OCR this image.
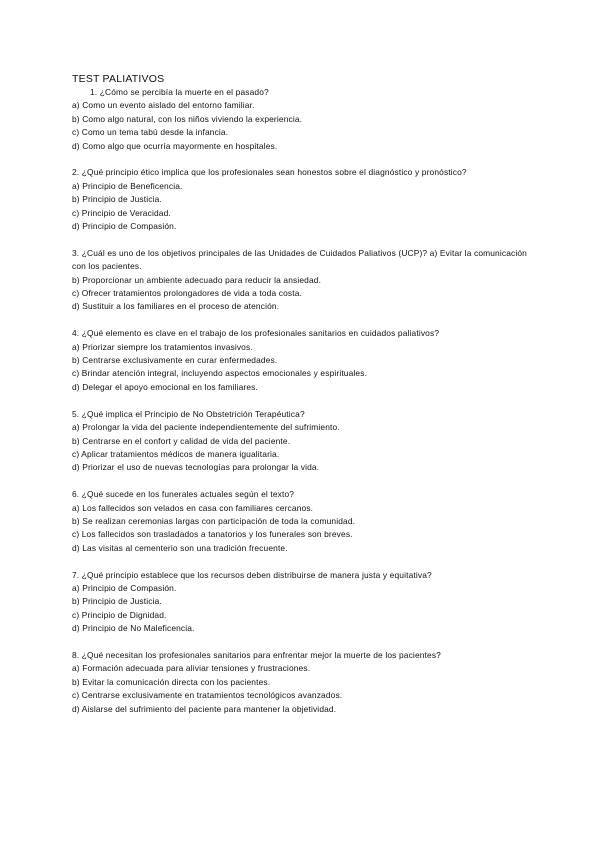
TEST PALIATIVOS
1. ¿Cómo se percibía la muerte en el pasado?
a) Como un evento aislado del entorno familiar.
b) Como algo natural, con los niños viviendo la experiencia.
c) Como un tema tabú desde la infancia.
d) Como algo que ocurría mayormente en hospitales.
2. ¿Qué principio ético implica que los profesionales sean honestos sobre el diagnóstico y pronóstico?
a) Principio de Beneficencia.
b) Principio de Justicia.
c) Principio de Veracidad.
d) Principio de Compasión.
3. ¿Cuál es uno de los objetivos principales de las Unidades de Cuidados Paliativos (UCP)? a) Evitar la comunicación con los pacientes.
b) Proporcionar un ambiente adecuado para reducir la ansiedad.
c) Ofrecer tratamientos prolongadores de vida a toda costa.
d) Sustituir a los familiares en el proceso de atención.
4. ¿Qué elemento es clave en el trabajo de los profesionales sanitarios en cuidados paliativos?
a) Priorizar siempre los tratamientos invasivos.
b) Centrarse exclusivamente en curar enfermedades.
c) Brindar atención integral, incluyendo aspectos emocionales y espirituales.
d) Delegar el apoyo emocional en los familiares.
5. ¿Qué implica el Principio de No Obstetrición Terapéutica?
a) Prolongar la vida del paciente independientemente del sufrimiento.
b) Centrarse en el confort y calidad de vida del paciente.
c) Aplicar tratamientos médicos de manera igualitaria.
d) Priorizar el uso de nuevas tecnologías para prolongar la vida.
6. ¿Qué sucede en los funerales actuales según el texto?
a) Los fallecidos son velados en casa con familiares cercanos.
b) Se realizan ceremonias largas con participación de toda la comunidad.
c) Los fallecidos son trasladados a tanatorios y los funerales son breves.
d) Las visitas al cementerio son una tradición frecuente.
7. ¿Qué principio establece que los recursos deben distribuirse de manera justa y equitativa?
a) Principio de Compasión.
b) Principio de Justicia.
c) Principio de Dignidad.
d) Principio de No Maleficencia.
8. ¿Qué necesitan los profesionales sanitarios para enfrentar mejor la muerte de los pacientes?
a) Formación adecuada para aliviar tensiones y frustraciones.
b) Evitar la comunicación directa con los pacientes.
c) Centrarse exclusivamente en tratamientos tecnológicos avanzados.
d) Aislarse del sufrimiento del paciente para mantener la objetividad.
